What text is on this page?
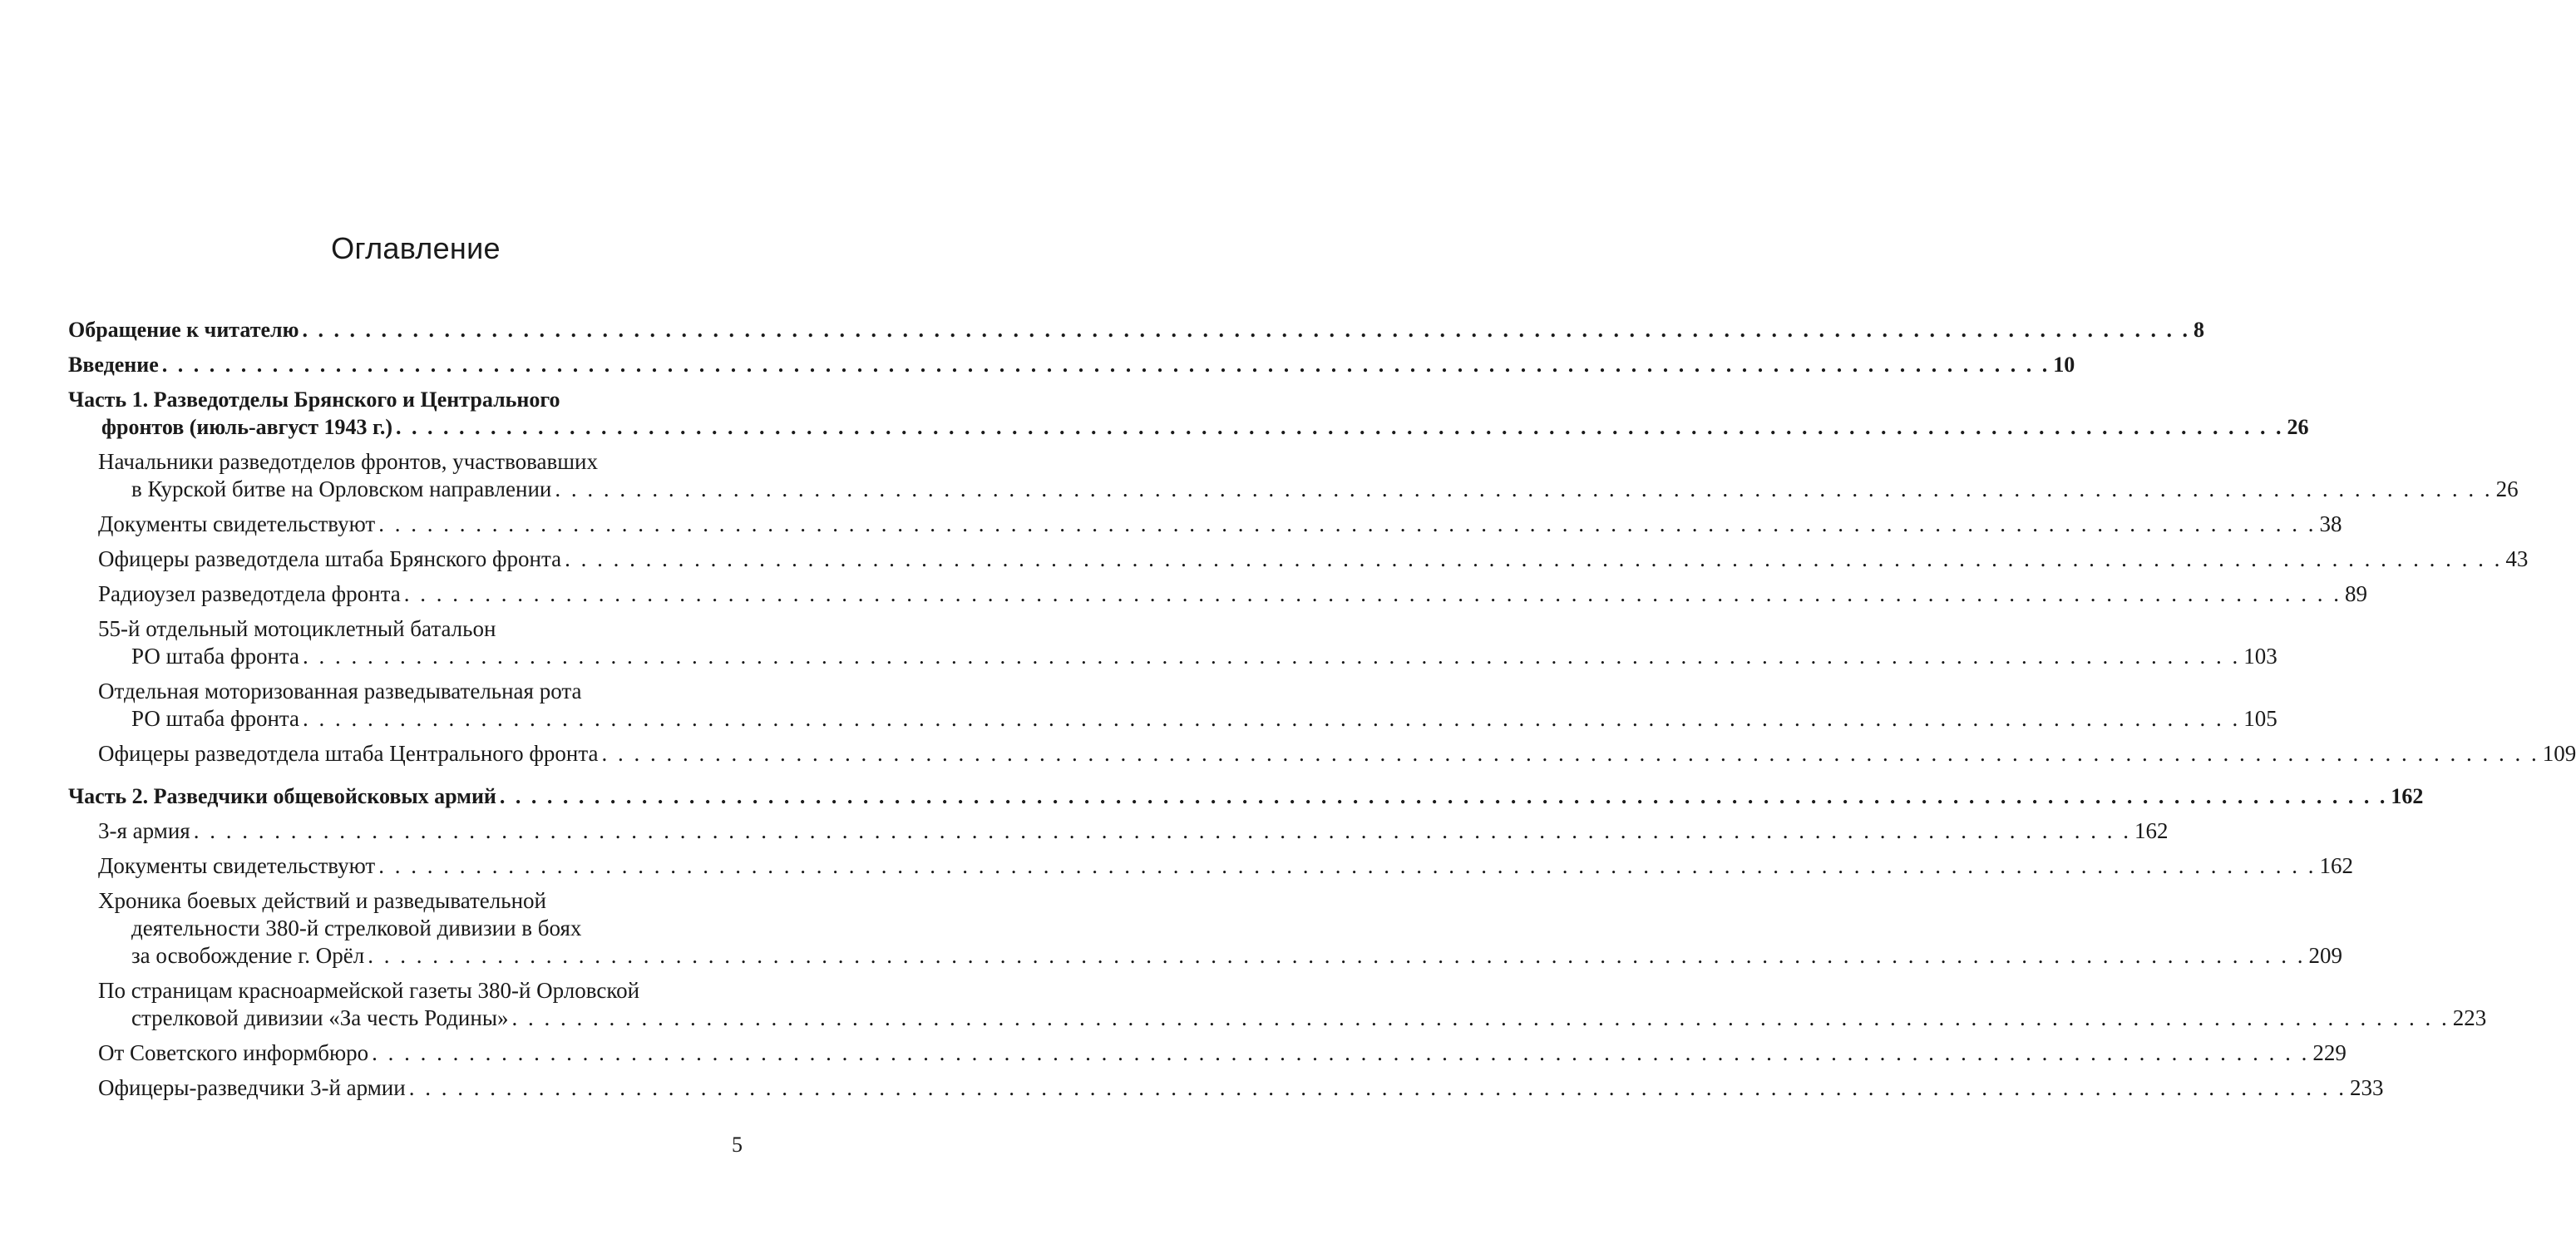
Оглавление
Обращение к читателю . . . . . . . . . . . . . . . . . . . . . . . . . . . . . . . . . . . . . . . . . . . . . . . . . . . . . . . . . . . . . . . . . . . . . . . . . . . . . . . . . . . . . . . . . . . . . . . . . . . . . . . . . . . . . . . . . . . . . . . . 8
Введение . . . . . . . . . . . . . . . . . . . . . . . . . . . . . . . . . . . . . . . . . . . . . . . . . . . . . . . . . . . . . . . . . . . . . . . . . . . . . . . . . . . . . . . . . . . . . . . . . . . . . . . . . . . . . . . . . . . . . . . . 10
Часть 1. Разведотделы Брянского и Центрального
фронтов (июль-август 1943 г.) . . . . . . . . . . . . . . . . . . . . . . . . . . . . . . . . . . . . . . . . . . . . . . . . . . . . . . . . . . . . . . . . . . . . . . . . . . . . . . . . . . . . . . . . . . . . . . . . . . . . . . . . . . . . . . . . . . . . . . . . 26
Начальники разведотделов фронтов, участвовавших
в Курской битве на Орловском направлении . . . . . . . . . . . . . . . . . . . . . . . . . . . . . . . . . . . . . . . . . . . . . . . . . . . . . . . . . . . . . . . . . . . . . . . . . . . . . . . . . . . . . . . . . . . . . . . . . . . . . . . . . . . . . . . . . . . . . . . . 26
Документы свидетельствуют . . . . . . . . . . . . . . . . . . . . . . . . . . . . . . . . . . . . . . . . . . . . . . . . . . . . . . . . . . . . . . . . . . . . . . . . . . . . . . . . . . . . . . . . . . . . . . . . . . . . . . . . . . . . . . . . . . . . . . . . 38
Офицеры разведотдела штаба Брянского фронта . . . . . . . . . . . . . . . . . . . . . . . . . . . . . . . . . . . . . . . . . . . . . . . . . . . . . . . . . . . . . . . . . . . . . . . . . . . . . . . . . . . . . . . . . . . . . . . . . . . . . . . . . . . . . . . . . . . . . . . . 43
Радиоузел разведотдела фронта . . . . . . . . . . . . . . . . . . . . . . . . . . . . . . . . . . . . . . . . . . . . . . . . . . . . . . . . . . . . . . . . . . . . . . . . . . . . . . . . . . . . . . . . . . . . . . . . . . . . . . . . . . . . . . . . . . . . . . . . 89
55-й отдельный мотоциклетный батальон
РО штаба фронта . . . . . . . . . . . . . . . . . . . . . . . . . . . . . . . . . . . . . . . . . . . . . . . . . . . . . . . . . . . . . . . . . . . . . . . . . . . . . . . . . . . . . . . . . . . . . . . . . . . . . . . . . . . . . . . . . . . . . . . . 103
Отдельная моторизованная разведывательная рота
РО штаба фронта . . . . . . . . . . . . . . . . . . . . . . . . . . . . . . . . . . . . . . . . . . . . . . . . . . . . . . . . . . . . . . . . . . . . . . . . . . . . . . . . . . . . . . . . . . . . . . . . . . . . . . . . . . . . . . . . . . . . . . . . 105
Офицеры разведотдела штаба Центрального фронта . . . . . . . . . . . . . . . . . . . . . . . . . . . . . . . . . . . . . . . . . . . . . . . . . . . . . . . . . . . . . . . . . . . . . . . . . . . . . . . . . . . . . . . . . . . . . . . . . . . . . . . . . . . . . . . . . . . . . . . . 109
Часть 2. Разведчики общевойсковых армий . . . . . . . . . . . . . . . . . . . . . . . . . . . . . . . . . . . . . . . . . . . . . . . . . . . . . . . . . . . . . . . . . . . . . . . . . . . . . . . . . . . . . . . . . . . . . . . . . . . . . . . . . . . . . . . . . . . . . . . . 162
3-я армия . . . . . . . . . . . . . . . . . . . . . . . . . . . . . . . . . . . . . . . . . . . . . . . . . . . . . . . . . . . . . . . . . . . . . . . . . . . . . . . . . . . . . . . . . . . . . . . . . . . . . . . . . . . . . . . . . . . . . . . . 162
Документы свидетельствуют . . . . . . . . . . . . . . . . . . . . . . . . . . . . . . . . . . . . . . . . . . . . . . . . . . . . . . . . . . . . . . . . . . . . . . . . . . . . . . . . . . . . . . . . . . . . . . . . . . . . . . . . . . . . . . . . . . . . . . . . 162
Хроника боевых действий и разведывательной
деятельности 380-й стрелковой дивизии в боях
за освобождение г. Орёл . . . . . . . . . . . . . . . . . . . . . . . . . . . . . . . . . . . . . . . . . . . . . . . . . . . . . . . . . . . . . . . . . . . . . . . . . . . . . . . . . . . . . . . . . . . . . . . . . . . . . . . . . . . . . . . . . . . . . . . . 209
По страницам красноармейской газеты 380-й Орловской
стрелковой дивизии «За честь Родины» . . . . . . . . . . . . . . . . . . . . . . . . . . . . . . . . . . . . . . . . . . . . . . . . . . . . . . . . . . . . . . . . . . . . . . . . . . . . . . . . . . . . . . . . . . . . . . . . . . . . . . . . . . . . . . . . . . . . . . . . 223
От Советского информбюро . . . . . . . . . . . . . . . . . . . . . . . . . . . . . . . . . . . . . . . . . . . . . . . . . . . . . . . . . . . . . . . . . . . . . . . . . . . . . . . . . . . . . . . . . . . . . . . . . . . . . . . . . . . . . . . . . . . . . . . . 229
Офицеры-разведчики 3-й армии . . . . . . . . . . . . . . . . . . . . . . . . . . . . . . . . . . . . . . . . . . . . . . . . . . . . . . . . . . . . . . . . . . . . . . . . . . . . . . . . . . . . . . . . . . . . . . . . . . . . . . . . . . . . . . . . . . . . . . . . 233
5
